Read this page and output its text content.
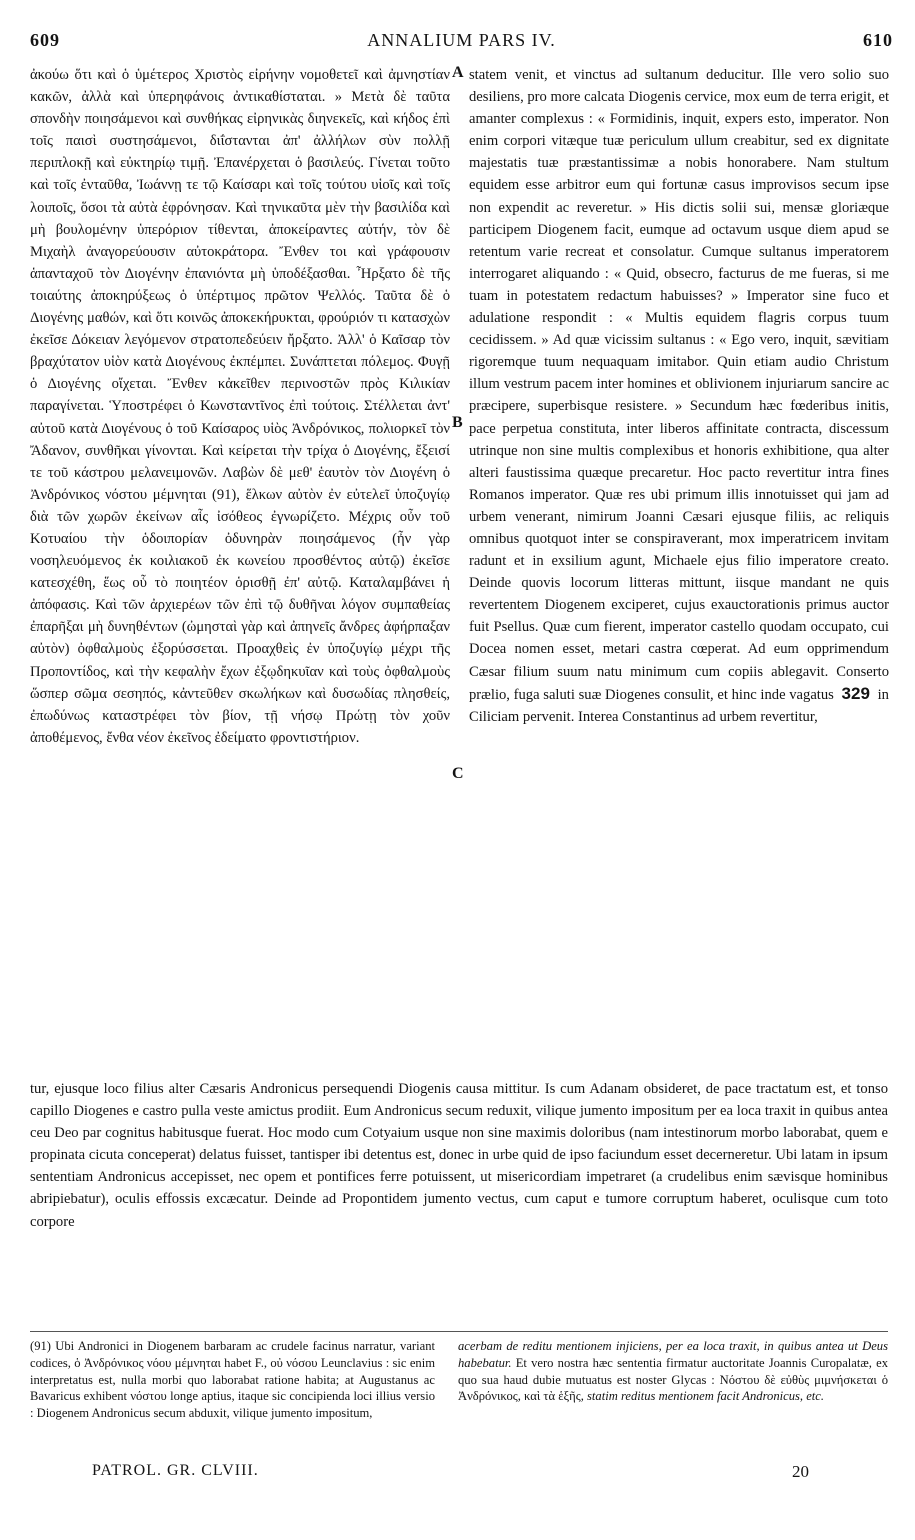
609	ANNALIUM PARS IV.	610

ἀκούω ὅτι καὶ ὁ ὑμέτερος Χριστὸς εἰρήνην νομοθετεῖ καὶ ἀμνηστίαν κακῶν, ἀλλὰ καὶ ὑπερηφάνοις ἀντικαθίσταται. » Μετὰ δὲ ταῦτα σπονδὴν ποιησάμενοι καὶ συνθήκας εἰρηνικὰς διηνεκεῖς, καὶ κήδος ἐπὶ τοῖς παισὶ συστησάμενοι, διΐστανται ἀπ' ἀλλήλων σὺν πολλῇ περιπλοκῇ καὶ εὐκτηρίῳ τιμῇ. Ἐπανέρχεται ὁ βασιλεύς. Γίνεται τοῦτο καὶ τοῖς ἐνταῦθα, Ἰωάννῃ τε τῷ Καίσαρι καὶ τοῖς τούτου υἱοῖς καὶ τοῖς λοιποῖς, ὅσοι τὰ αὐτὰ ἐφρόνησαν. Καὶ τηνικαῦτα μὲν τὴν βασιλίδα καὶ μὴ βουλομένην ὑπερόριον τίθενται, ἀποκείραντες αὐτήν, τὸν δὲ Μιχαὴλ ἀναγορεύουσιν αὐτοκράτορα. Ἔνθεν τοι καὶ γράφουσιν ἁπανταχοῦ τὸν Διογένην ἐπανιόντα μὴ ὑποδέξασθαι. Ἦρξατο δὲ τῆς τοιαύτης ἀποκηρύξεως ὁ ὑπέρτιμος πρῶτον Ψελλός. Ταῦτα δὲ ὁ Διογένης μαθών, καὶ ὅτι κοινῶς ἀποκεκήρυκται, φρούριόν τι κατασχὼν ἐκεῖσε Δόκειαν λεγόμενον στρατοπεδεύειν ἤρξατο. Ἀλλ' ὁ Καῖσαρ τὸν βραχύτατον υἱὸν κατὰ Διογένους ἐκπέμπει. Συνάπτεται πόλεμος. Φυγῇ ὁ Διογένης οἴχεται. Ἔνθεν κἀκεῖθεν περινοστῶν πρὸς Κιλικίαν παραγίνεται. Ὑποστρέφει ὁ Κωνσταντῖνος ἐπὶ τούτοις. Στέλλεται ἀντ' αὐτοῦ κατὰ Διογένους ὁ τοῦ Καίσαρος υἱὸς Ἀνδρόνικος, πολιορκεῖ τὸν Ἄδανον, συνθῆκαι γίνονται. Καὶ κείρεται τὴν τρίχα ὁ Διογένης, ἔξεισί τε τοῦ κάστρου μελανειμονῶν. Λαβὼν δὲ μεθ' ἑαυτὸν τὸν Διογένη ὁ Ἀνδρόνικος νόστου μέμνηται (91), ἕλκων αὐτὸν ἐν εὐτελεῖ ὑποζυγίῳ διὰ τῶν χωρῶν ἐκείνων αἷς ἰσόθεος ἐγνωρίζετο. Μέχρις οὖν τοῦ Κοτυαίου τὴν ὁδοιπορίαν ὀδυνηρὰν ποιησάμενος (ἦν γὰρ νοσηλευόμενος ἐκ κοιλιακοῦ ἐκ κωνείου προσθέντος αὐτῷ) ἐκεῖσε κατεσχέθη, ἕως οὗ τὸ ποιητέον ὁρισθῇ ἐπ' αὐτῷ. Καταλαμβάνει ἡ ἀπόφασις. Καὶ τῶν ἀρχιερέων τῶν ἐπὶ τῷ δυθῆναι λόγον συμπαθείας ἐπαρῆξαι μὴ δυνηθέντων (ὠμησταὶ γὰρ καὶ ἀπηνεῖς ἄνδρες ἀφήρπαξαν αὐτὸν) ὀφθαλμοὺς ἐξορύσσεται. Προαχθεὶς ἐν ὑποζυγίῳ μέχρι τῆς Προποντίδος, καὶ τὴν κεφαλὴν ἔχων ἐξῳδηκυῖαν καὶ τοὺς ὀφθαλμοὺς ὥσπερ σῶμα σεσηπός, κἀντεῦθεν σκωλήκων καὶ δυσωδίας πλησθείς, ἐπωδύνως καταστρέφει τὸν βίον, τῇ νήσῳ Πρώτῃ τὸν χοῦν ἀποθέμενος, ἔνθα νέον ἐκεῖνος ἐδείματο φροντιστήριον.

A
B
C

statem venit, et vinctus ad sultanum deducitur. Ille vero solio suo desiliens, pro more calcata Diogenis cervice, mox eum de terra erigit, et amanter complexus : « Formidinis, inquit, expers esto, imperator. Non enim corpori vitæque tuæ periculum ullum creabitur, sed ex dignitate majestatis tuæ præstantissimæ a nobis honorabere. Nam stultum equidem esse arbitror eum qui fortunæ casus improvisos secum ipse non expendit ac reveretur. » His dictis solii sui, mensæ gloriæque participem Diogenem facit, eumque ad octavum usque diem apud se retentum varie recreat et consolatur. Cumque sultanus imperatorem interrogaret aliquando : « Quid, obsecro, facturus de me fueras, si me tuam in potestatem redactum habuisses? » Imperator sine fuco et adulatione respondit : « Multis equidem flagris corpus tuum cecidissem. » Ad quæ vicissim sultanus : « Ego vero, inquit, sævitiam rigoremque tuum nequaquam imitabor. Quin etiam audio Christum illum vestrum pacem inter homines et oblivionem injuriarum sancire ac præcipere, superbisque resistere. » Secundum hæc fœderibus initis, pace perpetua constituta, inter liberos affinitate contracta, discessum utrinque non sine multis complexibus et honoris exhibitione, qua alter alteri faustissima quæque precaretur. Hoc pacto revertitur intra fines Romanos imperator. Quæ res ubi primum illis innotuisset qui jam ad urbem venerant, nimirum Joanni Cæsari ejusque filiis, ac reliquis omnibus quotquot inter se conspiraverant, mox imperatricem invitam radunt et in exsilium agunt, Michaele ejus filio imperatore creato. Deinde quovis locorum litteras mittunt, iisque mandant ne quis revertentem Diogenem exciperet, cujus exauctorationis primus auctor fuit Psellus. Quæ cum fierent, imperator castello quodam occupato, cui Docea nomen esset, metari castra cœperat. Ad eum opprimendum Cæsar filium suum natu minimum cum copiis ablegavit. Conserto prælio, fuga saluti suæ Diogenes consulit, et hinc inde vagatus 329 in Ciliciam pervenit. Interea Constantinus ad urbem revertitur,

tur, ejusque loco filius alter Cæsaris Andronicus persequendi Diogenis causa mittitur. Is cum Adanam obsideret, de pace tractatum est, et tonso capillo Diogenes e castro pulla veste amictus prodiit. Eum Andronicus secum reduxit, vilique jumento impositum per ea loca traxit in quibus antea ceu Deo par cognitus habitusque fuerat. Hoc modo cum Cotyaium usque non sine maximis doloribus (nam intestinorum morbo laborabat, quem e propinata cicuta conceperat) delatus fuisset, tantisper ibi detentus est, donec in urbe quid de ipso faciundum esset decerneretur. Ubi latam in ipsum sententiam Andronicus accepisset, nec opem et pontifices ferre potuissent, ut misericordiam impetraret (a crudelibus enim sævisque hominibus abripiebatur), oculis effossis excæcatur. Deinde ad Propontidem jumento vectus, cum caput e tumore corruptum haberet, oculisque cum toto corpore

(91) Ubi Andronici in Diogenem barbaram ac crudele facinus narratur, variant codices, ὁ Ἀνδρόνικος νόου μέμνηται habet F., οὐ νόσου Leunclavius : sic enim interpretatus est, nulla morbi quo laborabat ratione habita; at Augustanus ac Bavaricus exhibent νόστου longe aptius, itaque sic concipienda loci illius versio : Diogenem Andronicus secum abduxit, vilique jumento impositum,
acerbam de reditu mentionem injiciens, per ea loca traxit, in quibus antea ut Deus habebatur. Et vero nostra hæc sententia firmatur auctoritate Joannis Curopalatæ, ex quo sua haud dubie mutuatus est noster Glycas : Νόστου δὲ εὐθὺς μιμνήσκεται ὁ Ἀνδρόνικος, καὶ τὰ ἑξῆς, statim reditus mentionem facit Andronicus, etc.
PATROL. GR. CLVIII.	20
